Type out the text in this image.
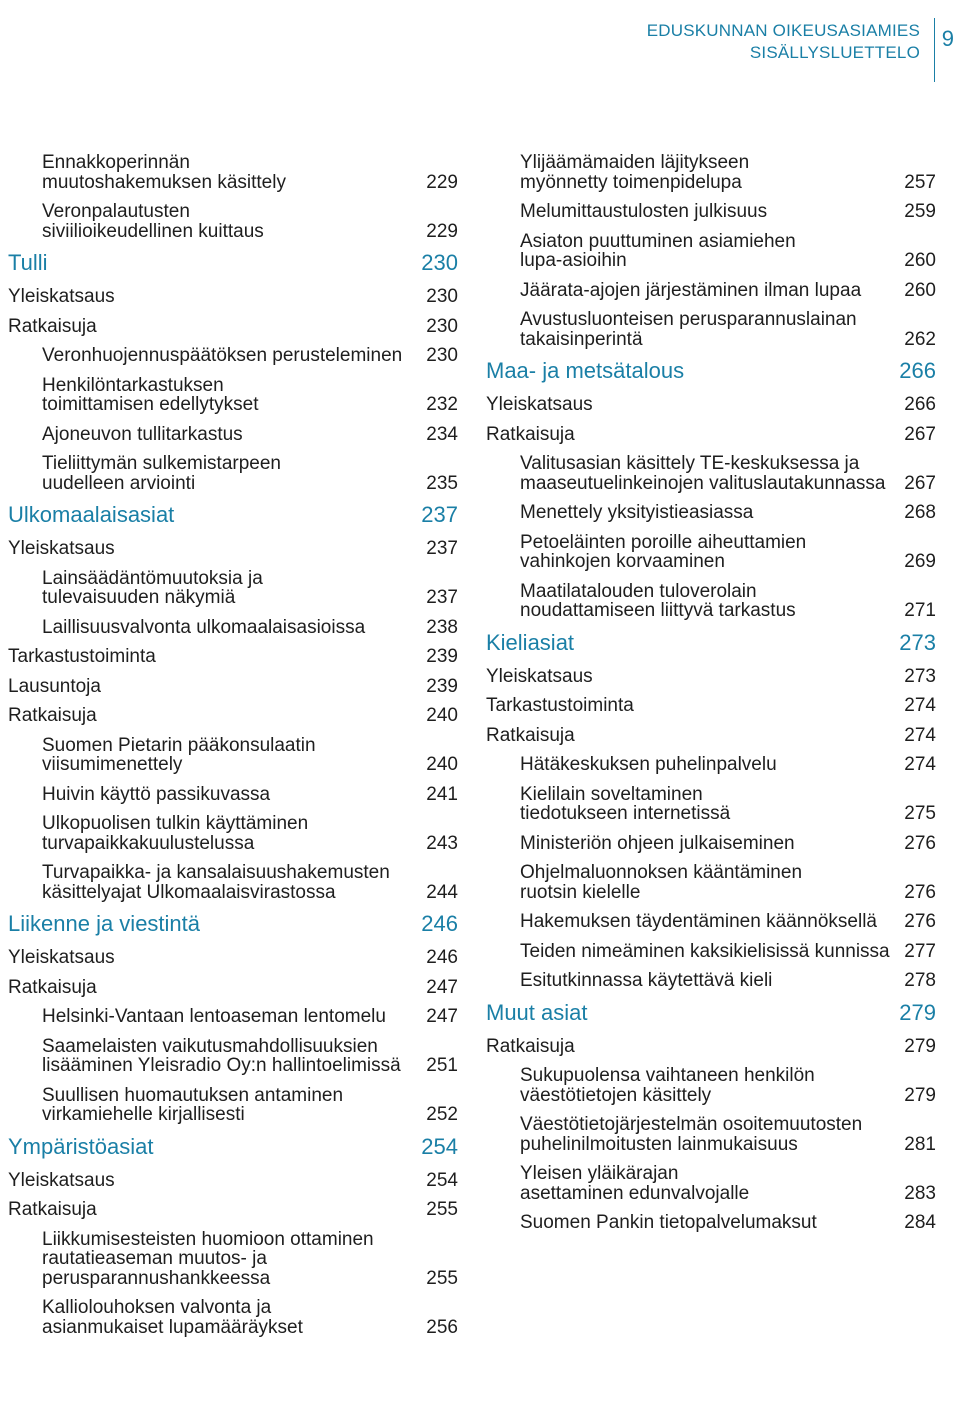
EDUSKUNNAN OIKEUSASIAMIES
SISÄLLYSLUETTELO
9
Ennakkoperinnän
muutoshakemuksen käsittely	229
Veronpalautusten
siviilioikeudellinen kuittaus	229
Tulli	230
Yleiskatsaus	230
Ratkaisuja	230
Veronhuojennuspäätöksen perusteleminen	230
Henkilöntarkastuksen
toimittamisen edellytykset	232
Ajoneuvon tullitarkastus	234
Tieliittymän sulkemistarpeen
uudelleen arviointi	235
Ulkomaalaisasiat	237
Yleiskatsaus	237
Lainsäädäntömuutoksia ja
tulevaisuuden näkymiä	237
Laillisuusvalvonta ulkomaalaisasioissa	238
Tarkastustoiminta	239
Lausuntoja	239
Ratkaisuja	240
Suomen Pietarin pääkonsulaatin
viisumimenettely	240
Huivin käyttö passikuvassa	241
Ulkopuolisen tulkin käyttäminen
turvapaikkakuulustelussa	243
Turvapaikka- ja kansalaisuushakemusten
käsittelyajat Ulkomaalaisvirastossa	244
Liikenne ja viestintä	246
Yleiskatsaus	246
Ratkaisuja	247
Helsinki-Vantaan lentoaseman lentomelu	247
Saamelaisten vaikutusmahdollisuuksien
lisääminen Yleisradio Oy:n hallintoelimissä	251
Suullisen huomautuksen antaminen
virkamiehelle kirjallisesti	252
Ympäristöasiat	254
Yleiskatsaus	254
Ratkaisuja	255
Liikkumisesteisten huomioon ottaminen
rautatieaseman muutos- ja
perusparannushankkeessa	255
Kalliolouhoksen valvonta ja
asianmukaiset lupamääräykset	256
Ylijäämämaiden läjitykseen
myönnetty toimenpidelupa	257
Melumittaustulosten julkisuus	259
Asiaton puuttuminen asiamiehen
lupa-asioihin	260
Jäärata-ajojen järjestäminen ilman lupaa	260
Avustusluonteisen perusparannuslainan
takaisinperintä	262
Maa- ja metsätalous	266
Yleiskatsaus	266
Ratkaisuja	267
Valitusasian käsittely TE-keskuksessa ja
maaseutuelinkeinojen valituslautakunnassa 267
Menettely yksityistieasiassa	268
Petoeläinten poroille aiheuttamien
vahinkojen korvaaminen	269
Maatilatalouden tuloverolain
noudattamiseen liittyvä tarkastus	271
Kieliasiat	273
Yleiskatsaus	273
Tarkastustoiminta	274
Ratkaisuja	274
Hätäkeskuksen puhelinpalvelu	274
Kielilain soveltaminen
tiedotukseen internetissä	275
Ministeriön ohjeen julkaiseminen	276
Ohjelmaluonnoksen kääntäminen
ruotsin kielelle	276
Hakemuksen täydentäminen käännöksellä	276
Teiden nimeäminen kaksikielisissä kunnissa 277
Esitutkinnassa käytettävä kieli	278
Muut asiat	279
Ratkaisuja	279
Sukupuolensa vaihtaneen henkilön
väestötietojen käsittely	279
Väestötietojärjestelmän osoitemuutosten
puhelinilmoitusten lainmukaisuus	281
Yleisen yläikärajan
asettaminen edunvalvojalle	283
Suomen Pankin tietopalvelumaksut	284
